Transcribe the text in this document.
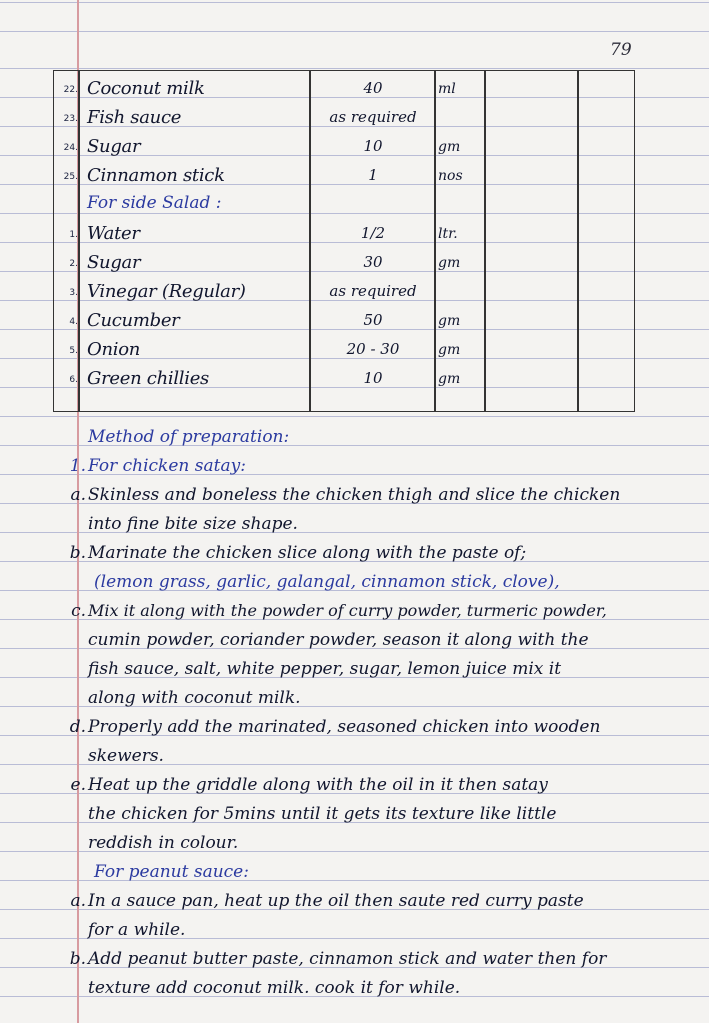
79
22. Coconut milk	40	ml
23. Fish sauce	as required
24. Sugar	10	gm
25. Cinnamon stick	1	nos
For side Salad :
1. Water	1/2	ltr.
2. Sugar	30	gm
3. Vinegar (Regular)	as required
4. Cucumber	50	gm
5. Onion	20 - 30	gm
6. Green chillies	10	gm
Method of preparation:
1. For chicken satay:
a. Skinless and boneless the chicken thigh and slice the chicken
into fine bite size shape.
b. Marinate the chicken slice along with the paste of;
(lemon grass, garlic, galangal, cinnamon stick, clove),
c. Mix it along with the powder of curry powder, turmeric powder,
cumin powder, coriander powder, season it along with the
fish sauce, salt, white pepper, sugar, lemon juice mix it
along with coconut milk.
d. Properly add the marinated, seasoned chicken into wooden
skewers.
e. Heat up the griddle along with the oil in it then satay
the chicken for 5mins until it gets its texture like little
reddish in colour.
For peanut sauce:
a. In a sauce pan, heat up the oil then saute red curry paste
for a while.
b. Add peanut butter paste, cinnamon stick and water then for
texture add coconut milk. cook it for while.
